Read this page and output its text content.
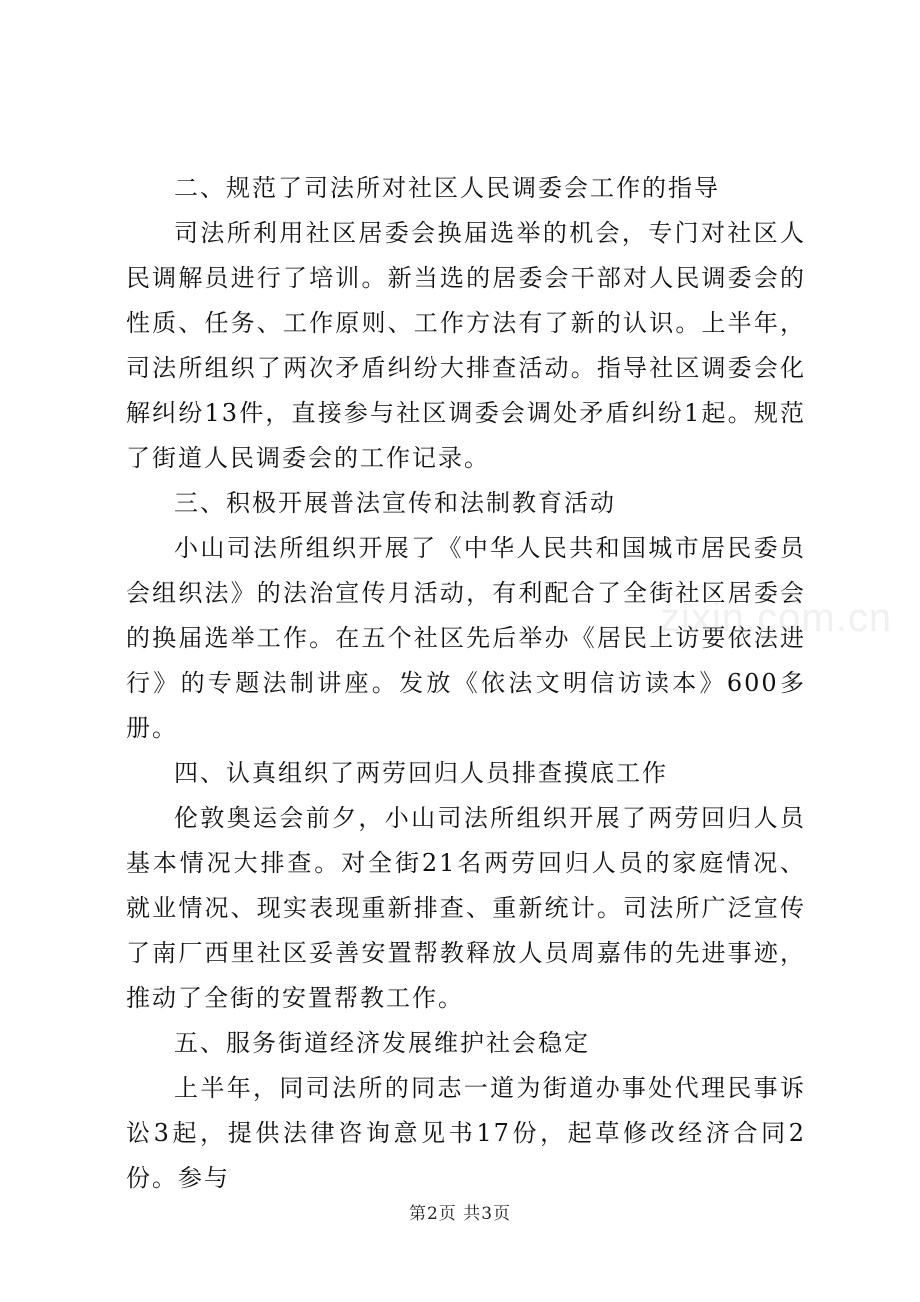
二、规范了司法所对社区人民调委会工作的指导

司法所利用社区居委会换届选举的机会，专门对社区人民调解员进行了培训。新当选的居委会干部对人民调委会的性质、任务、工作原则、工作方法有了新的认识。上半年，司法所组织了两次矛盾纠纷大排查活动。指导社区调委会化解纠纷13件，直接参与社区调委会调处矛盾纠纷1起。规范了街道人民调委会的工作记录。

三、积极开展普法宣传和法制教育活动

小山司法所组织开展了《中华人民共和国城市居民委员会组织法》的法治宣传月活动，有利配合了全街社区居委会的换届选举工作。在五个社区先后举办《居民上访要依法进行》的专题法制讲座。发放《依法文明信访读本》600多册。

四、认真组织了两劳回归人员排查摸底工作

伦敦奥运会前夕，小山司法所组织开展了两劳回归人员基本情况大排查。对全街21名两劳回归人员的家庭情况、就业情况、现实表现重新排查、重新统计。司法所广泛宣传了南厂西里社区妥善安置帮教释放人员周嘉伟的先进事迹，推动了全街的安置帮教工作。

五、服务街道经济发展维护社会稳定

上半年，同司法所的同志一道为街道办事处代理民事诉讼3起，提供法律咨询意见书17份，起草修改经济合同2份。参与

zixin.com.cn
第2页 共3页
